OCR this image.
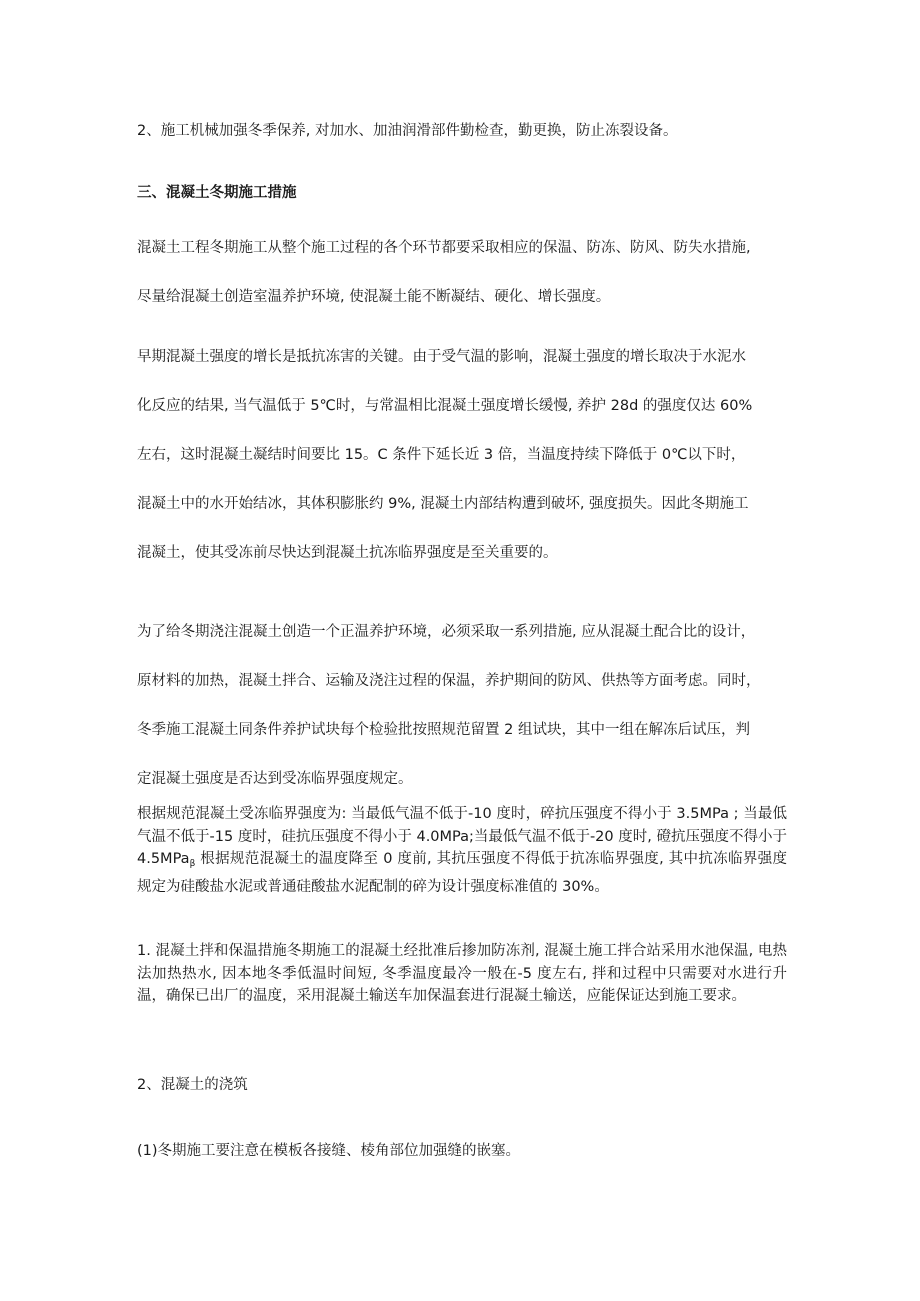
2、施工机械加强冬季保养, 对加水、加油润滑部件勤检查，勤更换，防止冻裂设备。

三、混凝土冬期施工措施

混凝土工程冬期施工从整个施工过程的各个环节都要采取相应的保温、防冻、防风、防失水措施,
尽量给混凝土创造室温养护环境, 使混凝土能不断凝结、硬化、增长强度。
早期混凝土强度的增长是抵抗冻害的关键。由于受气温的影响，混凝土强度的增长取决于水泥水
化反应的结果, 当气温低于 5℃时，与常温相比混凝土强度增长缓慢, 养护 28d 的强度仅达 60%
左右，这时混凝土凝结时间要比 15。C 条件下延长近 3 倍，当温度持续下降低于 0℃以下时，
混凝土中的水开始结冰，其体积膨胀约 9%, 混凝土内部结构遭到破坏, 强度损失。因此冬期施工
混凝土，使其受冻前尽快达到混凝土抗冻临界强度是至关重要的。
为了给冬期浇注混凝土创造一个正温养护环境，必须采取一系列措施, 应从混凝土配合比的设计，
原材料的加热，混凝土拌合、运输及浇注过程的保温，养护期间的防风、供热等方面考虑。同时，
冬季施工混凝土同条件养护试块每个检验批按照规范留置 2 组试块，其中一组在解冻后试压，判
定混凝土强度是否达到受冻临界强度规定。

根据规范混凝土受冻临界强度为: 当最低气温不低于-10 度时，碎抗压强度不得小于 3.5MPa ; 当最低气温不低于-15 度时，硅抗压强度不得小于 4.0MPa;当最低气温不低于-20 度时, 磴抗压强度不得小于 4.5MPa$_\beta$ 根据规范混凝土的温度降至 0 度前, 其抗压强度不得低于抗冻临界强度, 其中抗冻临界强度规定为硅酸盐水泥或普通硅酸盐水泥配制的碎为设计强度标准值的 30%。

1. 混凝土拌和保温措施冬期施工的混凝土经批准后掺加防冻剂, 混凝土施工拌合站采用水池保温, 电热法加热热水, 因本地冬季低温时间短, 冬季温度最冷一般在-5 度左右, 拌和过程中只需要对水进行升温，确保已出厂的温度，采用混凝土输送车加保温套进行混凝土输送，应能保证达到施工要求。

2、混凝土的浇筑

(1)冬期施工要注意在模板各接缝、棱角部位加强缝的嵌塞。
